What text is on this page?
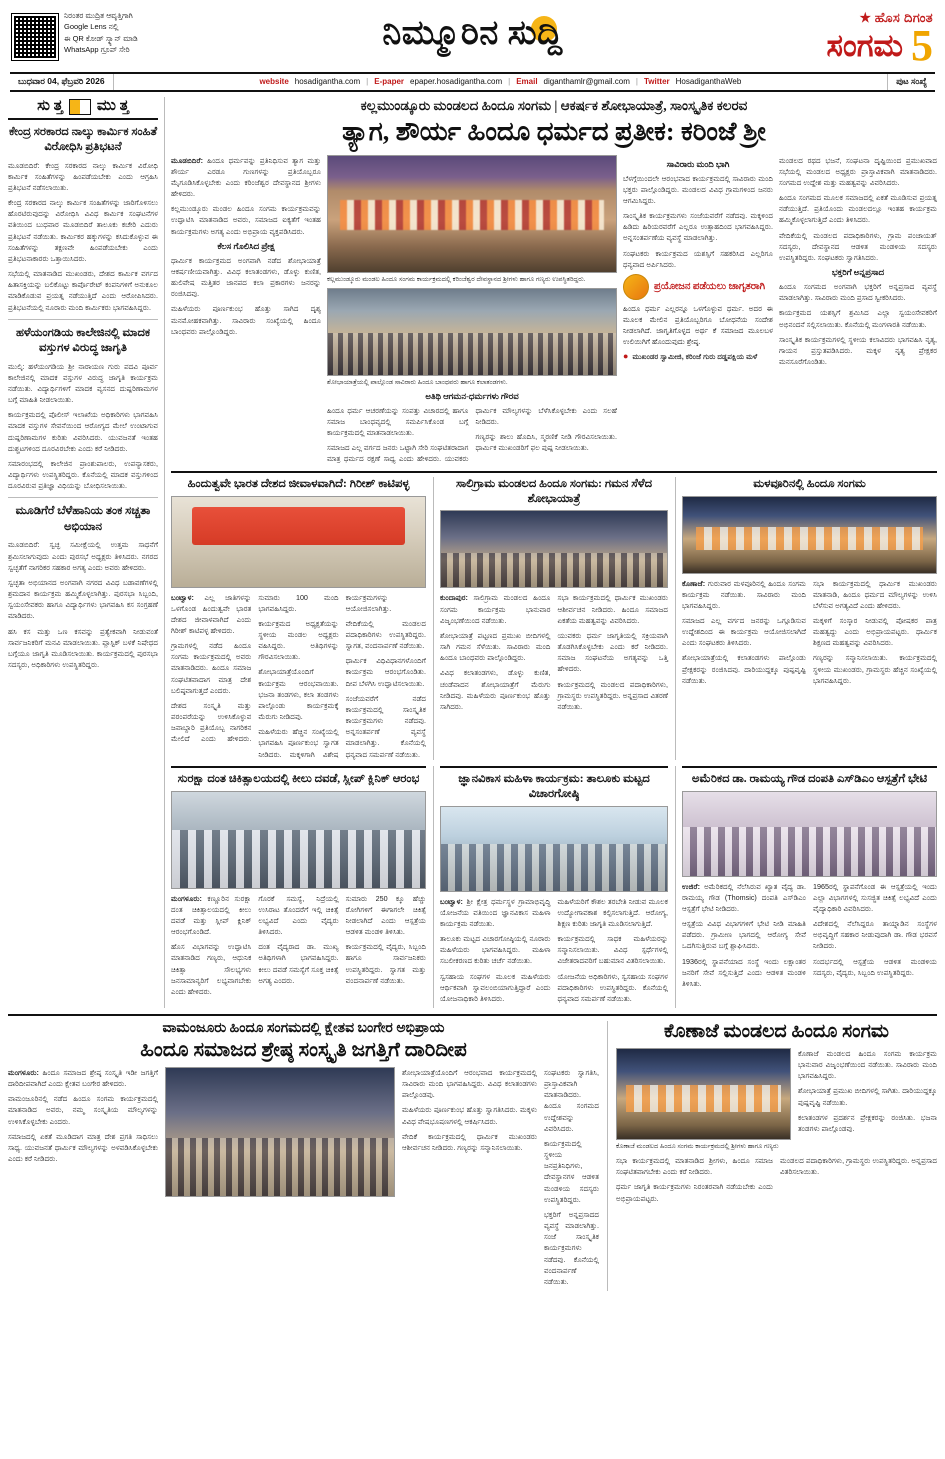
ನಿರಂತರ ಮುದ್ರಿತ ಆವೃತ್ತಿಗಾಗಿ
Google Lens ನಲ್ಲಿ
ಈ QR ಕೋಡ್ ಸ್ಕ್ಯಾನ್ ಮಾಡಿ
WhatsApp ಗ್ರೂಪ್ ಸೇರಿ	ನಿಮ್ಮೂರಿನ ಸುದ್ದಿ	★ ಹೊಸ ದಿಗಂತ
ಸಂಗಮ 5
ಬುಧವಾರ 04, ಫೆಬ್ರವರಿ 2026	website hosadigantha.com | E-paper epaper.hosadigantha.com | Email diganthamlr@gmail.com | Twitter HosadiganthaWeb	ಪುಟ ಸಂಖ್ಯೆ
ಸು ತ್ತ ಮು ತ್ತ
ಕೇಂದ್ರ ಸರಕಾರದ ನಾಲ್ಕು ಕಾರ್ಮಿಕ ಸಂಹಿತೆ ವಿರೋಧಿಸಿ ಪ್ರತಿಭಟನೆ

ಮೂಡಬಿದಿರೆ: ಕೇಂದ್ರ ಸರಕಾರದ ನಾಲ್ಕು ಕಾರ್ಮಿಕ ವಿರೋಧಿ ಕಾರ್ಮಿಕ ಸಂಹಿತೆಗಳನ್ನು ಹಿಂಪಡೆಯಬೇಕು ಎಂದು ಆಗ್ರಹಿಸಿ ಪ್ರತಿಭಟನೆ ನಡೆಸಲಾಯಿತು.

ಕೇಂದ್ರ ಸರಕಾರದ ನಾಲ್ಕು ಕಾರ್ಮಿಕ ಸಂಹಿತೆಗಳನ್ನು ಜಾರಿಗೊಳಿಸಲು ಹೊರಟಿರುವುದನ್ನು ವಿರೋಧಿಸಿ ವಿವಿಧ ಕಾರ್ಮಿಕ ಸಂಘಟನೆಗಳ ವತಿಯಿಂದ ಬುಧವಾರ ಮೂಡಬಿದಿರೆ ತಾಲೂಕು ಕಚೇರಿ ಎದುರು ಪ್ರತಿಭಟನೆ ನಡೆಯಿತು. ಕಾರ್ಮಿಕರ ಹಕ್ಕುಗಳನ್ನು ಕಸಿದುಕೊಳ್ಳುವ ಈ ಸಂಹಿತೆಗಳನ್ನು ತಕ್ಷಣವೇ ಹಿಂಪಡೆಯಬೇಕು ಎಂದು ಪ್ರತಿಭಟನಾಕಾರರು ಒತ್ತಾಯಿಸಿದರು.

ಸಭೆಯಲ್ಲಿ ಮಾತನಾಡಿದ ಮುಖಂಡರು, ದೇಶದ ಕಾರ್ಮಿಕ ವರ್ಗದ ಹಿತಾಸಕ್ತಿಯನ್ನು ಬಲಿಕೊಟ್ಟು ಕಾರ್ಪೊರೇಟ್ ಕಂಪನಿಗಳಿಗೆ ಅನುಕೂಲ ಮಾಡಿಕೊಡುವ ಪ್ರಯತ್ನ ನಡೆಯುತ್ತಿದೆ ಎಂದು ಆರೋಪಿಸಿದರು. ಪ್ರತಿಭಟನೆಯಲ್ಲಿ ನೂರಾರು ಮಂದಿ ಕಾರ್ಮಿಕರು ಭಾಗವಹಿಸಿದ್ದರು.

ಹಳೆಯಂಗಡಿಯ ಕಾಲೇಜಿನಲ್ಲಿ ಮಾದಕ ವಸ್ತುಗಳ ವಿರುದ್ಧ ಜಾಗೃತಿ

ಮುಲ್ಕಿ: ಹಳೆಯಂಗಡಿಯ ಶ್ರೀ ನಾರಾಯಣ ಗುರು ಪದವಿ ಪೂರ್ವ ಕಾಲೇಜಿನಲ್ಲಿ ಮಾದಕ ವಸ್ತುಗಳ ವಿರುದ್ಧ ಜಾಗೃತಿ ಕಾರ್ಯಕ್ರಮ ನಡೆಯಿತು. ವಿದ್ಯಾರ್ಥಿಗಳಿಗೆ ಮಾದಕ ವ್ಯಸನದ ದುಷ್ಪರಿಣಾಮಗಳ ಬಗ್ಗೆ ಮಾಹಿತಿ ನೀಡಲಾಯಿತು.

ಕಾರ್ಯಕ್ರಮದಲ್ಲಿ ಪೊಲೀಸ್ ಇಲಾಖೆಯ ಅಧಿಕಾರಿಗಳು ಭಾಗವಹಿಸಿ ಮಾದಕ ವಸ್ತುಗಳ ಸೇವನೆಯಿಂದ ಆರೋಗ್ಯದ ಮೇಲೆ ಉಂಟಾಗುವ ದುಷ್ಪರಿಣಾಮಗಳ ಕುರಿತು ವಿವರಿಸಿದರು. ಯುವಜನತೆ ಇಂತಹ ದುಶ್ಚಟಗಳಿಂದ ದೂರವಿರಬೇಕು ಎಂದು ಕರೆ ನೀಡಿದರು.

ಸಮಾರಂಭದಲ್ಲಿ ಕಾಲೇಜಿನ ಪ್ರಾಂಶುಪಾಲರು, ಉಪನ್ಯಾಸಕರು, ವಿದ್ಯಾರ್ಥಿಗಳು ಉಪಸ್ಥಿತರಿದ್ದರು. ಕೊನೆಯಲ್ಲಿ ಮಾದಕ ವಸ್ತುಗಳಿಂದ ದೂರವಿರುವ ಪ್ರತಿಜ್ಞಾ ವಿಧಿಯನ್ನು ಬೋಧಿಸಲಾಯಿತು.

ಮೂಡಿಗೆರೆ ಬೆಳೆಹಾನಿಯ ತಂಕ ಸಚ್ಚತಾ ಅಭಿಯಾನ

ಮೂಡಬಿದಿರೆ: ಸ್ವಚ್ಛ ಸಮೀಕ್ಷೆಯಲ್ಲಿ ಉತ್ತಮ ಸಾಧನೆಗೆ ಶ್ರಮಿಸಲಾಗುವುದು ಎಂದು ಪುರಸಭೆ ಅಧ್ಯಕ್ಷರು ತಿಳಿಸಿದರು. ನಗರದ ಸ್ವಚ್ಛತೆಗೆ ನಾಗರಿಕರ ಸಹಕಾರ ಅಗತ್ಯ ಎಂದು ಅವರು ಹೇಳಿದರು.

ಸ್ವಚ್ಛತಾ ಅಭಿಯಾನದ ಅಂಗವಾಗಿ ನಗರದ ವಿವಿಧ ಬಡಾವಣೆಗಳಲ್ಲಿ ಶ್ರಮದಾನ ಕಾರ್ಯಕ್ರಮ ಹಮ್ಮಿಕೊಳ್ಳಲಾಗಿತ್ತು. ಪುರಸಭಾ ಸಿಬ್ಬಂದಿ, ಸ್ವಯಂಸೇವಕರು ಹಾಗೂ ವಿದ್ಯಾರ್ಥಿಗಳು ಭಾಗವಹಿಸಿ ಕಸ ಸಂಗ್ರಹಣೆ ಮಾಡಿದರು.

ಹಸಿ ಕಸ ಮತ್ತು ಒಣ ಕಸವನ್ನು ಪ್ರತ್ಯೇಕವಾಗಿ ನೀಡುವಂತೆ ಸಾರ್ವಜನಿಕರಿಗೆ ಮನವಿ ಮಾಡಲಾಯಿತು. ಪ್ಲಾಸ್ಟಿಕ್ ಬಳಕೆ ನಿಷೇಧದ ಬಗ್ಗೆಯೂ ಜಾಗೃತಿ ಮೂಡಿಸಲಾಯಿತು. ಕಾರ್ಯಕ್ರಮದಲ್ಲಿ ಪುರಸಭಾ ಸದಸ್ಯರು, ಅಧಿಕಾರಿಗಳು ಉಪಸ್ಥಿತರಿದ್ದರು.

ಕಲ್ಲಮುಂಡ್ಕೂರು ಮಂಡಲದ ಹಿಂದೂ ಸಂಗಮ | ಆಕರ್ಷಕ ಶೋಭಾಯಾತ್ರೆ, ಸಾಂಸ್ಕೃತಿಕ ಕಲರವ
ತ್ಯಾಗ, ಶೌರ್ಯ ಹಿಂದೂ ಧರ್ಮದ ಪ್ರತೀಕ: ಕರಿಂಜೆ ಶ್ರೀ

ಮೂಡಬಿದಿರೆ: ಹಿಂದೂ ಧರ್ಮವನ್ನು ಪ್ರತಿನಿಧಿಸುವ ತ್ಯಾಗ ಮತ್ತು ಶೌರ್ಯ ಎರಡೂ ಗುಣಗಳನ್ನು ಪ್ರತಿಯೊಬ್ಬರೂ ಮೈಗೂಡಿಸಿಕೊಳ್ಳಬೇಕು ಎಂದು ಕರಿಂಜೆಶ್ವರ ದೇವಸ್ಥಾನದ ಶ್ರೀಗಳು ಹೇಳಿದರು.

ಕಲ್ಲಮುಂಡ್ಕೂರು ಮಂಡಲ ಹಿಂದೂ ಸಂಗಮ ಕಾರ್ಯಕ್ರಮವನ್ನು ಉದ್ಘಾಟಿಸಿ ಮಾತನಾಡಿದ ಅವರು, ಸಮಾಜದ ಐಕ್ಯತೆಗೆ ಇಂತಹ ಕಾರ್ಯಕ್ರಮಗಳು ಅಗತ್ಯ ಎಂದು ಅಭಿಪ್ರಾಯ ವ್ಯಕ್ತಪಡಿಸಿದರು.

ಕೆಲಸ ಗೊಲಿಸಿದ ಪ್ರೇಕ್ಷ

ಧಾರ್ಮಿಕ ಕಾರ್ಯಕ್ರಮದ ಅಂಗವಾಗಿ ನಡೆದ ಶೋಭಾಯಾತ್ರೆ ಆಕರ್ಷಣೀಯವಾಗಿತ್ತು. ವಿವಿಧ ಕಲಾತಂಡಗಳು, ಡೊಳ್ಳು ಕುಣಿತ, ಹುಲಿವೇಷ ಮತ್ತಿತರ ಜಾನಪದ ಕಲಾ ಪ್ರಕಾರಗಳು ಜನರನ್ನು ರಂಜಿಸಿದವು.

ಮಹಿಳೆಯರು ಪೂರ್ಣಕುಂಭ ಹೊತ್ತು ಸಾಗಿದ ದೃಶ್ಯ ಮನಮೋಹಕವಾಗಿತ್ತು. ಸಾವಿರಾರು ಸಂಖ್ಯೆಯಲ್ಲಿ ಹಿಂದೂ ಬಾಂಧವರು ಪಾಲ್ಗೊಂಡಿದ್ದರು.

ಕಲ್ಲಮುಂಡ್ಕೂರು ಮಂಡಲ ಹಿಂದೂ ಸಂಗಮ ಕಾರ್ಯಕ್ರಮದಲ್ಲಿ ಕರಿಂಜೆಶ್ವರ ದೇವಸ್ಥಾನದ ಶ್ರೀಗಳು ಹಾಗೂ ಗಣ್ಯರು ಉಪಸ್ಥಿತರಿದ್ದರು.
ಶೋಭಾಯಾತ್ರೆಯಲ್ಲಿ ಪಾಲ್ಗೊಂಡ ಸಾವಿರಾರು ಹಿಂದೂ ಬಾಂಧವರು ಹಾಗೂ ಕಲಾತಂಡಗಳು.
ಅತಿಥಿ ಆಗಮನ-ಧರ್ಮಗಳು ಗೌರವ

ಹಿಂದೂ ಧರ್ಮ ಆಚರಣೆಯನ್ನು ಸಂಪತ್ತು ವಿಚಾರದಲ್ಲಿ ಹಾಗೂ ಸಮಾಜ ಬಾಂಧವ್ಯದಲ್ಲಿ ಸಮರ್ಪಿಸಿಕೊಂಡ ಬಗ್ಗೆ ಕಾರ್ಯಕ್ರಮದಲ್ಲಿ ಮಾತನಾಡಲಾಯಿತು.

ಸಮಾಜದ ಎಲ್ಲ ವರ್ಗದ ಜನರು ಒಟ್ಟಾಗಿ ಸೇರಿ ಸಂಘಟಿತರಾದಾಗ ಮಾತ್ರ ಧರ್ಮದ ರಕ್ಷಣೆ ಸಾಧ್ಯ ಎಂದು ಹೇಳಿದರು. ಯುವಕರು ಧಾರ್ಮಿಕ ಮೌಲ್ಯಗಳನ್ನು ಬೆಳೆಸಿಕೊಳ್ಳಬೇಕು ಎಂದು ಸಲಹೆ ನೀಡಿದರು.

ಗಣ್ಯರನ್ನು ಶಾಲು ಹೊದಿಸಿ, ಸ್ಮರಣಿಕೆ ನೀಡಿ ಗೌರವಿಸಲಾಯಿತು. ಧಾರ್ಮಿಕ ಮುಖಂಡರಿಗೆ ಫಲ ಪುಷ್ಪ ನೀಡಲಾಯಿತು.

ಸಾವಿರಾರು ಮಂದಿ ಭಾಗಿ

ಬೆಳಗ್ಗೆಯಿಂದಲೇ ಆರಂಭವಾದ ಕಾರ್ಯಕ್ರಮದಲ್ಲಿ ಸಾವಿರಾರು ಮಂದಿ ಭಕ್ತರು ಪಾಲ್ಗೊಂಡಿದ್ದರು. ಮಂಡಲದ ವಿವಿಧ ಗ್ರಾಮಗಳಿಂದ ಜನರು ಆಗಮಿಸಿದ್ದರು.

ಸಾಂಸ್ಕೃತಿಕ ಕಾರ್ಯಕ್ರಮಗಳು ಸಂಜೆಯವರೆಗೆ ನಡೆದವು. ಮಕ್ಕಳಿಂದ ಹಿಡಿದು ಹಿರಿಯರವರೆಗೆ ಎಲ್ಲರೂ ಉತ್ಸಾಹದಿಂದ ಭಾಗವಹಿಸಿದ್ದರು. ಅನ್ನಸಂತರ್ಪಣೆಯ ವ್ಯವಸ್ಥೆ ಮಾಡಲಾಗಿತ್ತು.

ಸಂಘಟಕರು ಕಾರ್ಯಕ್ರಮದ ಯಶಸ್ಸಿಗೆ ಸಹಕರಿಸಿದ ಎಲ್ಲರಿಗೂ ಧನ್ಯವಾದ ಅರ್ಪಿಸಿದರು.

ಪ್ರಯೋಜನ ಪಡೆಯಲು ಜಾಗೃತರಾಗಿ
ಹಿಂದೂ ಧರ್ಮ ಎಲ್ಲರನ್ನೂ ಒಳಗೊಳ್ಳುವ ಧರ್ಮ. ಅದರ ಈ ಮೂಲಕ ಮೇಲಿನ ಪ್ರತಿಯೊಬ್ಬರಿಗೂ ಬೋಧನೆಯ ಸಂದೇಶ ನೀಡಲಾಗಿದೆ. ಜಾಗೃತಿಗೊಳ್ಳದ ಅರ್ಥ ಕೆ ಸಮಾಜದ ಮೂಲಬಳ ಉಲಿಯಿಗಿಗೆ ಹೊಂದುವುದು ಶ್ರೇಷ್ಠ.
● ಮುಖಂಡರ ಸ್ವಾಮೀಜಿ, ಕರಿಂಜೆ ಗುರು ದಡ್ಡಪಕ್ಷಿಯ ಮಳೆ

ಮಂಡಲದ ರಥದ ಭಜನೆ, ಸಂಘಟನಾ ದೃಷ್ಟಿಯಿಂದ ಪ್ರಮುಖವಾದ ಸಭೆಯಲ್ಲಿ ಮಂಡಲದ ಅಧ್ಯಕ್ಷರು ಪ್ರಾಸ್ತಾವಿಕವಾಗಿ ಮಾತನಾಡಿದರು. ಸಂಗಮದ ಉದ್ದೇಶ ಮತ್ತು ಮಹತ್ವವನ್ನು ವಿವರಿಸಿದರು.

ಹಿಂದೂ ಸಂಗಮದ ಮೂಲಕ ಸಮಾಜದಲ್ಲಿ ಏಕತೆ ಮೂಡಿಸುವ ಪ್ರಯತ್ನ ನಡೆಯುತ್ತಿದೆ. ಪ್ರತಿಯೊಂದು ಮಂಡಲದಲ್ಲೂ ಇಂತಹ ಕಾರ್ಯಕ್ರಮ ಹಮ್ಮಿಕೊಳ್ಳಲಾಗುತ್ತಿದೆ ಎಂದು ತಿಳಿಸಿದರು.

ವೇದಿಕೆಯಲ್ಲಿ ಮಂಡಲದ ಪದಾಧಿಕಾರಿಗಳು, ಗ್ರಾಮ ಪಂಚಾಯತ್ ಸದಸ್ಯರು, ದೇವಸ್ಥಾನದ ಆಡಳಿತ ಮಂಡಳಿಯ ಸದಸ್ಯರು ಉಪಸ್ಥಿತರಿದ್ದರು. ಸಂಘಟಕರು ಸ್ವಾಗತಿಸಿದರು.

ಭಕ್ತರಿಗೆ ಅನ್ನಪ್ರಸಾದ

ಹಿಂದೂ ಸಂಗಮದ ಅಂಗವಾಗಿ ಭಕ್ತರಿಗೆ ಅನ್ನಪ್ರಸಾದ ವ್ಯವಸ್ಥೆ ಮಾಡಲಾಗಿತ್ತು. ಸಾವಿರಾರು ಮಂದಿ ಪ್ರಸಾದ ಸ್ವೀಕರಿಸಿದರು.

ಕಾರ್ಯಕ್ರಮದ ಯಶಸ್ಸಿಗೆ ಶ್ರಮಿಸಿದ ಎಲ್ಲಾ ಸ್ವಯಂಸೇವಕರಿಗೆ ಅಭಿನಂದನೆ ಸಲ್ಲಿಸಲಾಯಿತು. ಕೊನೆಯಲ್ಲಿ ಮಂಗಳಾರತಿ ನಡೆಯಿತು.

ಸಾಂಸ್ಕೃತಿಕ ಕಾರ್ಯಕ್ರಮಗಳಲ್ಲಿ ಸ್ಥಳೀಯ ಕಲಾವಿದರು ಭಾಗವಹಿಸಿ ನೃತ್ಯ, ಗಾಯನ ಪ್ರಸ್ತುತಪಡಿಸಿದರು. ಮಕ್ಕಳ ನೃತ್ಯ ಪ್ರೇಕ್ಷಕರ ಮನಸೂರೆಗೊಂಡಿತು.

ಹಿಂದುತ್ವವೇ ಭಾರತ ದೇಶದ ಜೀವಾಳವಾಗಿದೆ: ಗಿರೀಶ್ ಕಾಟಿಪಳ್ಳ

ಬಂಟ್ವಾಳ: ಎಲ್ಲ ಜಾತಿಗಳನ್ನು ಒಳಗೊಂಡ ಹಿಂದುತ್ವವೇ ಭಾರತ ದೇಶದ ಜೀವಾಳವಾಗಿದೆ ಎಂದು ಗಿರೀಶ್ ಕಾಟಿಪಳ್ಳ ಹೇಳಿದರು.

ಗ್ರಾಮಗಳಲ್ಲಿ ನಡೆದ ಹಿಂದೂ ಸಂಗಮ ಕಾರ್ಯಕ್ರಮದಲ್ಲಿ ಅವರು ಮಾತನಾಡಿದರು. ಹಿಂದೂ ಸಮಾಜ ಸಂಘಟಿತವಾದಾಗ ಮಾತ್ರ ದೇಶ ಬಲಿಷ್ಠವಾಗುತ್ತದೆ ಎಂದರು.

ದೇಶದ ಸಂಸ್ಕೃತಿ ಮತ್ತು ಪರಂಪರೆಯನ್ನು ಉಳಿಸಿಕೊಳ್ಳುವ ಜವಾಬ್ದಾರಿ ಪ್ರತಿಯೊಬ್ಬ ನಾಗರಿಕನ ಮೇಲಿದೆ ಎಂದು ಹೇಳಿದರು. ಸುಮಾರು 100 ಮಂದಿ ಭಾಗವಹಿಸಿದ್ದರು.

ಕಾರ್ಯಕ್ರಮದ ಅಧ್ಯಕ್ಷತೆಯನ್ನು ಸ್ಥಳೀಯ ಮಂಡಲ ಅಧ್ಯಕ್ಷರು ವಹಿಸಿದ್ದರು. ಅತಿಥಿಗಳನ್ನು ಗೌರವಿಸಲಾಯಿತು.

ಶೋಭಾಯಾತ್ರೆಯೊಂದಿಗೆ ಕಾರ್ಯಕ್ರಮ ಆರಂಭವಾಯಿತು. ಭಜನಾ ತಂಡಗಳು, ಕಲಾ ತಂಡಗಳು ಪಾಲ್ಗೊಂಡು ಕಾರ್ಯಕ್ರಮಕ್ಕೆ ಮೆರುಗು ನೀಡಿದವು.

ಮಹಿಳೆಯರು ಹೆಚ್ಚಿನ ಸಂಖ್ಯೆಯಲ್ಲಿ ಭಾಗವಹಿಸಿ ಪೂರ್ಣಕುಂಭ ಸ್ವಾಗತ ನೀಡಿದರು. ಮಕ್ಕಳಿಗಾಗಿ ವಿಶೇಷ ಕಾರ್ಯಕ್ರಮಗಳನ್ನು ಆಯೋಜಿಸಲಾಗಿತ್ತು.

ವೇದಿಕೆಯಲ್ಲಿ ಮಂಡಲದ ಪದಾಧಿಕಾರಿಗಳು ಉಪಸ್ಥಿತರಿದ್ದರು. ಸ್ವಾಗತ, ವಂದನಾರ್ಪಣೆ ನಡೆಯಿತು.

ಧಾರ್ಮಿಕ ವಿಧಿವಿಧಾನಗಳೊಂದಿಗೆ ಕಾರ್ಯಕ್ರಮ ಆರಂಭಗೊಂಡಿತು. ದೀಪ ಬೆಳಗಿಸಿ ಉದ್ಘಾಟಿಸಲಾಯಿತು.

ಸಂಜೆಯವರೆಗೆ ನಡೆದ ಕಾರ್ಯಕ್ರಮದಲ್ಲಿ ಸಾಂಸ್ಕೃತಿಕ ಕಾರ್ಯಕ್ರಮಗಳು ನಡೆದವು. ಅನ್ನಸಂತರ್ಪಣೆ ವ್ಯವಸ್ಥೆ ಮಾಡಲಾಗಿತ್ತು. ಕೊನೆಯಲ್ಲಿ ಧನ್ಯವಾದ ಸಮರ್ಪಣೆ ನಡೆಯಿತು.

ಸಾಲಿಗ್ರಾಮ ಮಂಡಲದ ಹಿಂದೂ ಸಂಗಮ: ಗಮನ ಸೆಳೆದ ಶೋಭಾಯಾತ್ರೆ

ಕುಂದಾಪುರ: ಸಾಲಿಗ್ರಾಮ ಮಂಡಲದ ಹಿಂದೂ ಸಂಗಮ ಕಾರ್ಯಕ್ರಮ ಭಾನುವಾರ ವಿಜೃಂಭಣೆಯಿಂದ ನಡೆಯಿತು.

ಶೋಭಾಯಾತ್ರೆ ಪಟ್ಟಣದ ಪ್ರಮುಖ ಬೀದಿಗಳಲ್ಲಿ ಸಾಗಿ ಗಮನ ಸೆಳೆಯಿತು. ಸಾವಿರಾರು ಮಂದಿ ಹಿಂದೂ ಬಾಂಧವರು ಪಾಲ್ಗೊಂಡಿದ್ದರು.

ವಿವಿಧ ಕಲಾತಂಡಗಳು, ಡೊಳ್ಳು ಕುಣಿತ, ಚಂಡೆವಾದನ ಶೋಭಾಯಾತ್ರೆಗೆ ಮೆರುಗು ನೀಡಿದವು. ಮಹಿಳೆಯರು ಪೂರ್ಣಕುಂಭ ಹೊತ್ತು ಸಾಗಿದರು.

ಸಭಾ ಕಾರ್ಯಕ್ರಮದಲ್ಲಿ ಧಾರ್ಮಿಕ ಮುಖಂಡರು ಆಶೀರ್ವಚನ ನೀಡಿದರು. ಹಿಂದೂ ಸಮಾಜದ ಏಕತೆಯ ಮಹತ್ವವನ್ನು ವಿವರಿಸಿದರು.

ಯುವಕರು ಧರ್ಮ ಜಾಗೃತಿಯಲ್ಲಿ ಸಕ್ರಿಯವಾಗಿ ತೊಡಗಿಸಿಕೊಳ್ಳಬೇಕು ಎಂದು ಕರೆ ನೀಡಿದರು. ಸಮಾಜ ಸಂಘಟನೆಯ ಅಗತ್ಯವನ್ನು ಒತ್ತಿ ಹೇಳಿದರು.

ಕಾರ್ಯಕ್ರಮದಲ್ಲಿ ಮಂಡಲದ ಪದಾಧಿಕಾರಿಗಳು, ಗ್ರಾಮಸ್ಥರು ಉಪಸ್ಥಿತರಿದ್ದರು. ಅನ್ನಪ್ರಸಾದ ವಿತರಣೆ ನಡೆಯಿತು.

ಮಳವೂರಿನಲ್ಲಿ ಹಿಂದೂ ಸಂಗಮ

ಕೊಣಾಜೆ: ಗುರುವಾರ ಮಳವೂರಿನಲ್ಲಿ ಹಿಂದೂ ಸಂಗಮ ಕಾರ್ಯಕ್ರಮ ನಡೆಯಿತು. ಸಾವಿರಾರು ಮಂದಿ ಭಾಗವಹಿಸಿದ್ದರು.

ಸಮಾಜದ ಎಲ್ಲ ವರ್ಗದ ಜನರನ್ನು ಒಗ್ಗೂಡಿಸುವ ಉದ್ದೇಶದಿಂದ ಈ ಕಾರ್ಯಕ್ರಮ ಆಯೋಜಿಸಲಾಗಿದೆ ಎಂದು ಸಂಘಟಕರು ತಿಳಿಸಿದರು.

ಶೋಭಾಯಾತ್ರೆಯಲ್ಲಿ ಕಲಾತಂಡಗಳು ಪಾಲ್ಗೊಂಡು ಪ್ರೇಕ್ಷಕರನ್ನು ರಂಜಿಸಿದವು. ದಾರಿಯುದ್ದಕ್ಕೂ ಪುಷ್ಪವೃಷ್ಟಿ ನಡೆಯಿತು.

ಸಭಾ ಕಾರ್ಯಕ್ರಮದಲ್ಲಿ ಧಾರ್ಮಿಕ ಮುಖಂಡರು ಮಾತನಾಡಿ, ಹಿಂದೂ ಧರ್ಮದ ಮೌಲ್ಯಗಳನ್ನು ಉಳಿಸಿ ಬೆಳೆಸುವ ಅಗತ್ಯವಿದೆ ಎಂದು ಹೇಳಿದರು.

ಮಕ್ಕಳಿಗೆ ಸಂಸ್ಕಾರ ನೀಡುವಲ್ಲಿ ಪೋಷಕರ ಪಾತ್ರ ಮಹತ್ವದ್ದು ಎಂದು ಅಭಿಪ್ರಾಯಪಟ್ಟರು. ಧಾರ್ಮಿಕ ಶಿಕ್ಷಣದ ಮಹತ್ವವನ್ನು ವಿವರಿಸಿದರು.

ಗಣ್ಯರನ್ನು ಸನ್ಮಾನಿಸಲಾಯಿತು. ಕಾರ್ಯಕ್ರಮದಲ್ಲಿ ಸ್ಥಳೀಯ ಮುಖಂಡರು, ಗ್ರಾಮಸ್ಥರು ಹೆಚ್ಚಿನ ಸಂಖ್ಯೆಯಲ್ಲಿ ಭಾಗವಹಿಸಿದ್ದರು.

ಸುರಕ್ಷಾ ದಂತ ಚಿಕಿತ್ಸಾಲಯದಲ್ಲಿ ಕೀಲು ದವಡೆ, ಸ್ಲೀಪ್ ಕ್ಲಿನಿಕ್ ಆರಂಭ

ಮಂಗಳೂರು: ಕಣ್ಣೂರಿನ ಸುರಕ್ಷಾ ದಂತ ಚಿಕಿತ್ಸಾಲಯದಲ್ಲಿ ಕೀಲು ದವಡೆ ಮತ್ತು ಸ್ಲೀಪ್ ಕ್ಲಿನಿಕ್ ಆರಂಭಗೊಂಡಿದೆ.

ಹೊಸ ವಿಭಾಗವನ್ನು ಉದ್ಘಾಟಿಸಿ ಮಾತನಾಡಿದ ಗಣ್ಯರು, ಆಧುನಿಕ ಚಿಕಿತ್ಸಾ ಸೌಲಭ್ಯಗಳು ಜನಸಾಮಾನ್ಯರಿಗೆ ಲಭ್ಯವಾಗಬೇಕು ಎಂದು ಹೇಳಿದರು.

ಗೊರಕೆ ಸಮಸ್ಯೆ, ನಿದ್ರೆಯಲ್ಲಿ ಉಸಿರಾಟ ತೊಂದರೆಗೆ ಇಲ್ಲಿ ಚಿಕಿತ್ಸೆ ಲಭ್ಯವಿದೆ ಎಂದು ವೈದ್ಯರು ತಿಳಿಸಿದರು.

ದಂತ ವೈದ್ಯರಾದ ಡಾ. ಮುಖ್ಯ ಅತಿಥಿಗಳಾಗಿ ಭಾಗವಹಿಸಿದ್ದರು. ಕೀಲು ದವಡೆ ಸಮಸ್ಯೆಗೆ ಸೂಕ್ತ ಚಿಕಿತ್ಸೆ ಅಗತ್ಯ ಎಂದರು.

ಸುಮಾರು 250 ಕ್ಕೂ ಹೆಚ್ಚು ರೋಗಿಗಳಿಗೆ ಈಗಾಗಲೇ ಚಿಕಿತ್ಸೆ ನೀಡಲಾಗಿದೆ ಎಂದು ಆಸ್ಪತ್ರೆಯ ಆಡಳಿತ ಮಂಡಳಿ ತಿಳಿಸಿತು.

ಕಾರ್ಯಕ್ರಮದಲ್ಲಿ ವೈದ್ಯರು, ಸಿಬ್ಬಂದಿ ಹಾಗೂ ಸಾರ್ವಜನಿಕರು ಉಪಸ್ಥಿತರಿದ್ದರು. ಸ್ವಾಗತ ಮತ್ತು ವಂದನಾರ್ಪಣೆ ನಡೆಯಿತು.

ಜ್ಞಾನವಿಕಾಸ ಮಹಿಳಾ ಕಾರ್ಯಕ್ರಮ: ತಾಲೂಕು ಮಟ್ಟದ ವಿಚಾರಗೋಷ್ಠಿ

ಬಂಟ್ವಾಳ: ಶ್ರೀ ಕ್ಷೇತ್ರ ಧರ್ಮಸ್ಥಳ ಗ್ರಾಮಾಭಿವೃದ್ಧಿ ಯೋಜನೆಯ ವತಿಯಿಂದ ಜ್ಞಾನವಿಕಾಸ ಮಹಿಳಾ ಕಾರ್ಯಕ್ರಮ ನಡೆಯಿತು.

ತಾಲೂಕು ಮಟ್ಟದ ವಿಚಾರಗೋಷ್ಠಿಯಲ್ಲಿ ನೂರಾರು ಮಹಿಳೆಯರು ಭಾಗವಹಿಸಿದ್ದರು. ಮಹಿಳಾ ಸಬಲೀಕರಣದ ಕುರಿತು ಚರ್ಚೆ ನಡೆಯಿತು.

ಸ್ವಸಹಾಯ ಸಂಘಗಳ ಮೂಲಕ ಮಹಿಳೆಯರು ಆರ್ಥಿಕವಾಗಿ ಸ್ವಾವಲಂಬಿಯಾಗುತ್ತಿದ್ದಾರೆ ಎಂದು ಯೋಜನಾಧಿಕಾರಿ ತಿಳಿಸಿದರು.

ಮಹಿಳೆಯರಿಗೆ ಕೌಶಲ ತರಬೇತಿ ನೀಡುವ ಮೂಲಕ ಉದ್ಯೋಗಾವಕಾಶ ಕಲ್ಪಿಸಲಾಗುತ್ತಿದೆ. ಆರೋಗ್ಯ, ಶಿಕ್ಷಣ ಕುರಿತು ಜಾಗೃತಿ ಮೂಡಿಸಲಾಗುತ್ತಿದೆ.

ಕಾರ್ಯಕ್ರಮದಲ್ಲಿ ಸಾಧಕ ಮಹಿಳೆಯರನ್ನು ಸನ್ಮಾನಿಸಲಾಯಿತು. ವಿವಿಧ ಸ್ಪರ್ಧೆಗಳಲ್ಲಿ ವಿಜೇತರಾದವರಿಗೆ ಬಹುಮಾನ ವಿತರಿಸಲಾಯಿತು.

ಯೋಜನೆಯ ಅಧಿಕಾರಿಗಳು, ಸ್ವಸಹಾಯ ಸಂಘಗಳ ಪದಾಧಿಕಾರಿಗಳು ಉಪಸ್ಥಿತರಿದ್ದರು. ಕೊನೆಯಲ್ಲಿ ಧನ್ಯವಾದ ಸಮರ್ಪಣೆ ನಡೆಯಿತು.

ಅಮೆರಿಕದ ಡಾ. ರಾಮಯ್ಯ ಗೌಡ ದಂಪತಿ ಎಸ್‌ಡಿಎಂ ಆಸ್ಪತ್ರೆಗೆ ಭೇಟಿ

ಉಜಿರೆ: ಅಮೆರಿಕದಲ್ಲಿ ನೆಲೆಸಿರುವ ಖ್ಯಾತ ವೈದ್ಯ ಡಾ. ರಾಮಯ್ಯ ಗೌಡ (Thomsic) ದಂಪತಿ ಎಸ್‌ಡಿಎಂ ಆಸ್ಪತ್ರೆಗೆ ಭೇಟಿ ನೀಡಿದರು.

ಆಸ್ಪತ್ರೆಯ ವಿವಿಧ ವಿಭಾಗಗಳಿಗೆ ಭೇಟಿ ನೀಡಿ ಮಾಹಿತಿ ಪಡೆದರು. ಗ್ರಾಮೀಣ ಭಾಗದಲ್ಲಿ ಆರೋಗ್ಯ ಸೇವೆ ಒದಗಿಸುತ್ತಿರುವ ಬಗ್ಗೆ ಶ್ಲಾಘಿಸಿದರು.

1936ರಲ್ಲಿ ಸ್ಥಾಪನೆಯಾದ ಸಂಸ್ಥೆ ಇಂದು ಲಕ್ಷಾಂತರ ಜನರಿಗೆ ಸೇವೆ ಸಲ್ಲಿಸುತ್ತಿದೆ ಎಂದು ಆಡಳಿತ ಮಂಡಳಿ ತಿಳಿಸಿತು.

1965ರಲ್ಲಿ ಸ್ಥಾಪನೆಗೊಂಡ ಈ ಆಸ್ಪತ್ರೆಯಲ್ಲಿ ಇಂದು ಎಲ್ಲಾ ವಿಭಾಗಗಳಲ್ಲಿ ಸುಸಜ್ಜಿತ ಚಿಕಿತ್ಸೆ ಲಭ್ಯವಿದೆ ಎಂದು ವೈದ್ಯಾಧಿಕಾರಿ ವಿವರಿಸಿದರು.

ವಿದೇಶದಲ್ಲಿ ನೆಲೆಸಿದ್ದರೂ ತಾಯ್ನಾಡಿನ ಸಂಸ್ಥೆಗಳ ಅಭಿವೃದ್ಧಿಗೆ ಸಹಕಾರ ನೀಡುವುದಾಗಿ ಡಾ. ಗೌಡ ಭರವಸೆ ನೀಡಿದರು.

ಸಂದರ್ಭದಲ್ಲಿ ಆಸ್ಪತ್ರೆಯ ಆಡಳಿತ ಮಂಡಳಿಯ ಸದಸ್ಯರು, ವೈದ್ಯರು, ಸಿಬ್ಬಂದಿ ಉಪಸ್ಥಿತರಿದ್ದರು.

ವಾಮಂಜೂರು ಹಿಂದೂ ಸಂಗಮದಲ್ಲಿ ಕ್ಷೇತವ ಬಂಗೇರ ಅಭಿಪ್ರಾಯ
ಹಿಂದೂ ಸಮಾಜದ ಶ್ರೇಷ್ಠ ಸಂಸ್ಕೃತಿ ಜಗತ್ತಿಗೆ ದಾರಿದೀಪ

ಮಂಗಳೂರು: ಹಿಂದೂ ಸಮಾಜದ ಶ್ರೇಷ್ಠ ಸಂಸ್ಕೃತಿ ಇಡೀ ಜಗತ್ತಿಗೆ ದಾರಿದೀಪವಾಗಿದೆ ಎಂದು ಕ್ಷೇತವ ಬಂಗೇರ ಹೇಳಿದರು.

ವಾಮಂಜೂರಿನಲ್ಲಿ ನಡೆದ ಹಿಂದೂ ಸಂಗಮ ಕಾರ್ಯಕ್ರಮದಲ್ಲಿ ಮಾತನಾಡಿದ ಅವರು, ನಮ್ಮ ಸಂಸ್ಕೃತಿಯ ಮೌಲ್ಯಗಳನ್ನು ಉಳಿಸಿಕೊಳ್ಳಬೇಕು ಎಂದರು.

ಸಮಾಜದಲ್ಲಿ ಏಕತೆ ಮೂಡಿದಾಗ ಮಾತ್ರ ದೇಶ ಪ್ರಗತಿ ಸಾಧಿಸಲು ಸಾಧ್ಯ. ಯುವಜನತೆ ಧಾರ್ಮಿಕ ಮೌಲ್ಯಗಳನ್ನು ಅಳವಡಿಸಿಕೊಳ್ಳಬೇಕು ಎಂದು ಕರೆ ನೀಡಿದರು.

ಶೋಭಾಯಾತ್ರೆಯೊಂದಿಗೆ ಆರಂಭವಾದ ಕಾರ್ಯಕ್ರಮದಲ್ಲಿ ಸಾವಿರಾರು ಮಂದಿ ಭಾಗವಹಿಸಿದ್ದರು. ವಿವಿಧ ಕಲಾತಂಡಗಳು ಪಾಲ್ಗೊಂಡವು.

ಮಹಿಳೆಯರು ಪೂರ್ಣಕುಂಭ ಹೊತ್ತು ಸ್ವಾಗತಿಸಿದರು. ಮಕ್ಕಳು ವಿವಿಧ ವೇಷಭೂಷಣಗಳಲ್ಲಿ ಆಕರ್ಷಿಸಿದರು.

ವೇದಿಕೆ ಕಾರ್ಯಕ್ರಮದಲ್ಲಿ ಧಾರ್ಮಿಕ ಮುಖಂಡರು ಆಶೀರ್ವಚನ ನೀಡಿದರು. ಗಣ್ಯರನ್ನು ಸನ್ಮಾನಿಸಲಾಯಿತು.

ಸಂಘಟಕರು ಸ್ವಾಗತಿಸಿ, ಪ್ರಾಸ್ತಾವಿಕವಾಗಿ ಮಾತನಾಡಿದರು. ಹಿಂದೂ ಸಂಗಮದ ಉದ್ದೇಶವನ್ನು ವಿವರಿಸಿದರು.

ಕಾರ್ಯಕ್ರಮದಲ್ಲಿ ಸ್ಥಳೀಯ ಜನಪ್ರತಿನಿಧಿಗಳು, ದೇವಸ್ಥಾನಗಳ ಆಡಳಿತ ಮಂಡಳಿಯ ಸದಸ್ಯರು ಉಪಸ್ಥಿತರಿದ್ದರು.

ಭಕ್ತರಿಗೆ ಅನ್ನಪ್ರಸಾದದ ವ್ಯವಸ್ಥೆ ಮಾಡಲಾಗಿತ್ತು. ಸಂಜೆ ಸಾಂಸ್ಕೃತಿಕ ಕಾರ್ಯಕ್ರಮಗಳು ನಡೆದವು. ಕೊನೆಯಲ್ಲಿ ವಂದನಾರ್ಪಣೆ ನಡೆಯಿತು.

ಕೊಣಾಜೆ ಮಂಡಲದ ಹಿಂದೂ ಸಂಗಮ
ಕೊಣಾಜೆ ಮಂಡಲದ ಹಿಂದೂ ಸಂಗಮ ಕಾರ್ಯಕ್ರಮದಲ್ಲಿ ಶ್ರೀಗಳು ಹಾಗೂ ಗಣ್ಯರು

ಕೊಣಾಜೆ ಮಂಡಲದ ಹಿಂದೂ ಸಂಗಮ ಕಾರ್ಯಕ್ರಮ ಭಾನುವಾರ ವಿಜೃಂಭಣೆಯಿಂದ ನಡೆಯಿತು. ಸಾವಿರಾರು ಮಂದಿ ಭಾಗವಹಿಸಿದ್ದರು.

ಶೋಭಾಯಾತ್ರೆ ಪ್ರಮುಖ ಬೀದಿಗಳಲ್ಲಿ ಸಾಗಿತು. ದಾರಿಯುದ್ದಕ್ಕೂ ಪುಷ್ಪವೃಷ್ಟಿ ನಡೆಯಿತು.

ಕಲಾತಂಡಗಳ ಪ್ರದರ್ಶನ ಪ್ರೇಕ್ಷಕರನ್ನು ರಂಜಿಸಿತು. ಭಜನಾ ತಂಡಗಳು ಪಾಲ್ಗೊಂಡವು.

ಸಭಾ ಕಾರ್ಯಕ್ರಮದಲ್ಲಿ ಮಾತನಾಡಿದ ಶ್ರೀಗಳು, ಹಿಂದೂ ಸಮಾಜ ಸಂಘಟಿತವಾಗಬೇಕು ಎಂದು ಕರೆ ನೀಡಿದರು.

ಧರ್ಮ ಜಾಗೃತಿ ಕಾರ್ಯಕ್ರಮಗಳು ನಿರಂತರವಾಗಿ ನಡೆಯಬೇಕು ಎಂದು ಅಭಿಪ್ರಾಯಪಟ್ಟರು.

ಮಂಡಲದ ಪದಾಧಿಕಾರಿಗಳು, ಗ್ರಾಮಸ್ಥರು ಉಪಸ್ಥಿತರಿದ್ದರು. ಅನ್ನಪ್ರಸಾದ ವಿತರಿಸಲಾಯಿತು.
